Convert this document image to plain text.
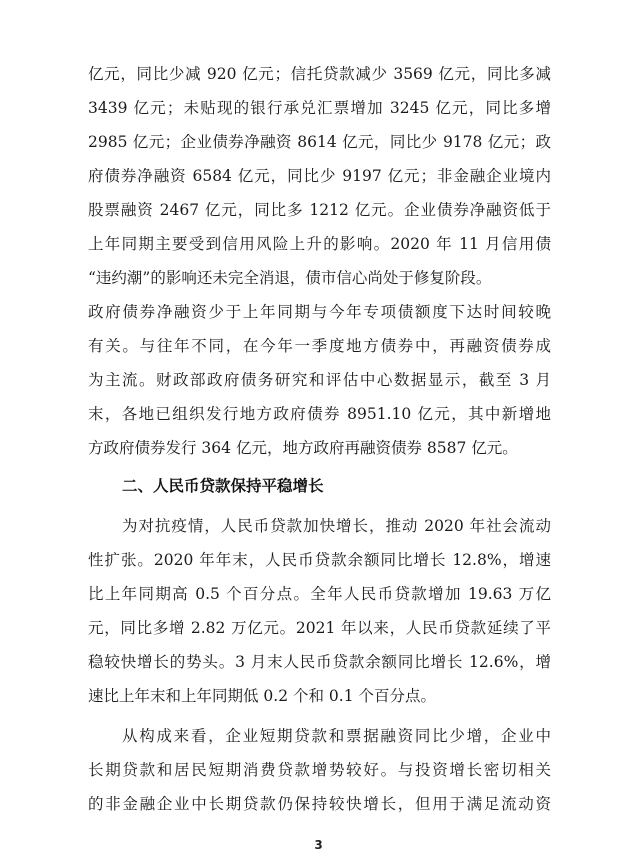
亿元，同比少减 920 亿元；信托贷款减少 3569 亿元，同比多减
3439 亿元；未贴现的银行承兑汇票增加 3245 亿元，同比多增
2985 亿元；企业债券净融资 8614 亿元，同比少 9178 亿元；政
府债券净融资 6584 亿元，同比少 9197 亿元；非金融企业境内
股票融资 2467 亿元，同比多 1212 亿元。企业债券净融资低于
上年同期主要受到信用风险上升的影响。2020 年 11 月信用债
“违约潮”的影响还未完全消退，债市信心尚处于修复阶段。
政府债券净融资少于上年同期与今年专项债额度下达时间较晚
有关。与往年不同，在今年一季度地方债券中，再融资债券成
为主流。财政部政府债务研究和评估中心数据显示，截至 3 月
末，各地已组织发行地方政府债券 8951.10 亿元，其中新增地
方政府债券发行 364 亿元，地方政府再融资债券 8587 亿元。
二、人民币贷款保持平稳增长
为对抗疫情，人民币贷款加快增长，推动 2020 年社会流动
性扩张。2020 年年末，人民币贷款余额同比增长 12.8%，增速
比上年同期高 0.5 个百分点。全年人民币贷款增加 19.63 万亿
元，同比多增 2.82 万亿元。2021 年以来，人民币贷款延续了平
稳较快增长的势头。3 月末人民币贷款余额同比增长 12.6%，增
速比上年末和上年同期低 0.2 个和 0.1 个百分点。
从构成来看，企业短期贷款和票据融资同比少增，企业中
长期贷款和居民短期消费贷款增势较好。与投资增长密切相关
的非金融企业中长期贷款仍保持较快增长，但用于满足流动资
3
